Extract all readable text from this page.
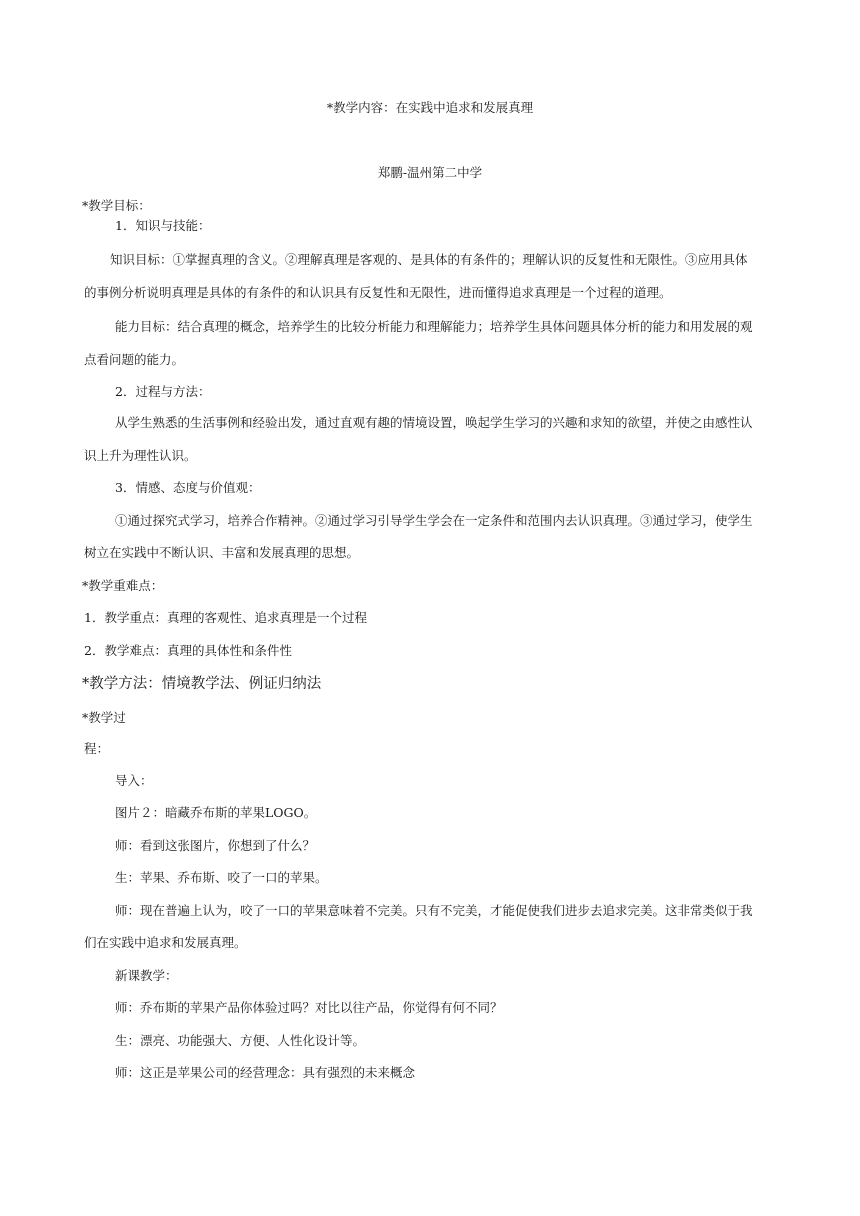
*教学内容：在实践中追求和发展真理
郑鹏-温州第二中学
*教学目标：
1．知识与技能：
知识目标：①掌握真理的含义。②理解真理是客观的、是具体的有条件的；理解认识的反复性和无限性。③应用具体
的事例分析说明真理是具体的有条件的和认识具有反复性和无限性，进而懂得追求真理是一个过程的道理。
能力目标：结合真理的概念，培养学生的比较分析能力和理解能力；培养学生具体问题具体分析的能力和用发展的观
点看问题的能力。
2．过程与方法：
从学生熟悉的生活事例和经验出发，通过直观有趣的情境设置，唤起学生学习的兴趣和求知的欲望，并使之由感性认
识上升为理性认识。
3．情感、态度与价值观：
①通过探究式学习，培养合作精神。②通过学习引导学生学会在一定条件和范围内去认识真理。③通过学习，使学生
树立在实践中不断认识、丰富和发展真理的思想。
*教学重难点：
1．教学重点：真理的客观性、追求真理是一个过程
2．教学难点：真理的具体性和条件性
*教学方法：情境教学法、例证归纳法
*教学过
程：
导入：
图片２：暗藏乔布斯的苹果LOGO。
师：看到这张图片，你想到了什么？
生：苹果、乔布斯、咬了一口的苹果。
师：现在普遍上认为，咬了一口的苹果意味着不完美。只有不完美，才能促使我们进步去追求完美。这非常类似于我
们在实践中追求和发展真理。
新课教学：
师：乔布斯的苹果产品你体验过吗？对比以往产品，你觉得有何不同？
生：漂亮、功能强大、方便、人性化设计等。
师：这正是苹果公司的经营理念：具有强烈的未来概念
